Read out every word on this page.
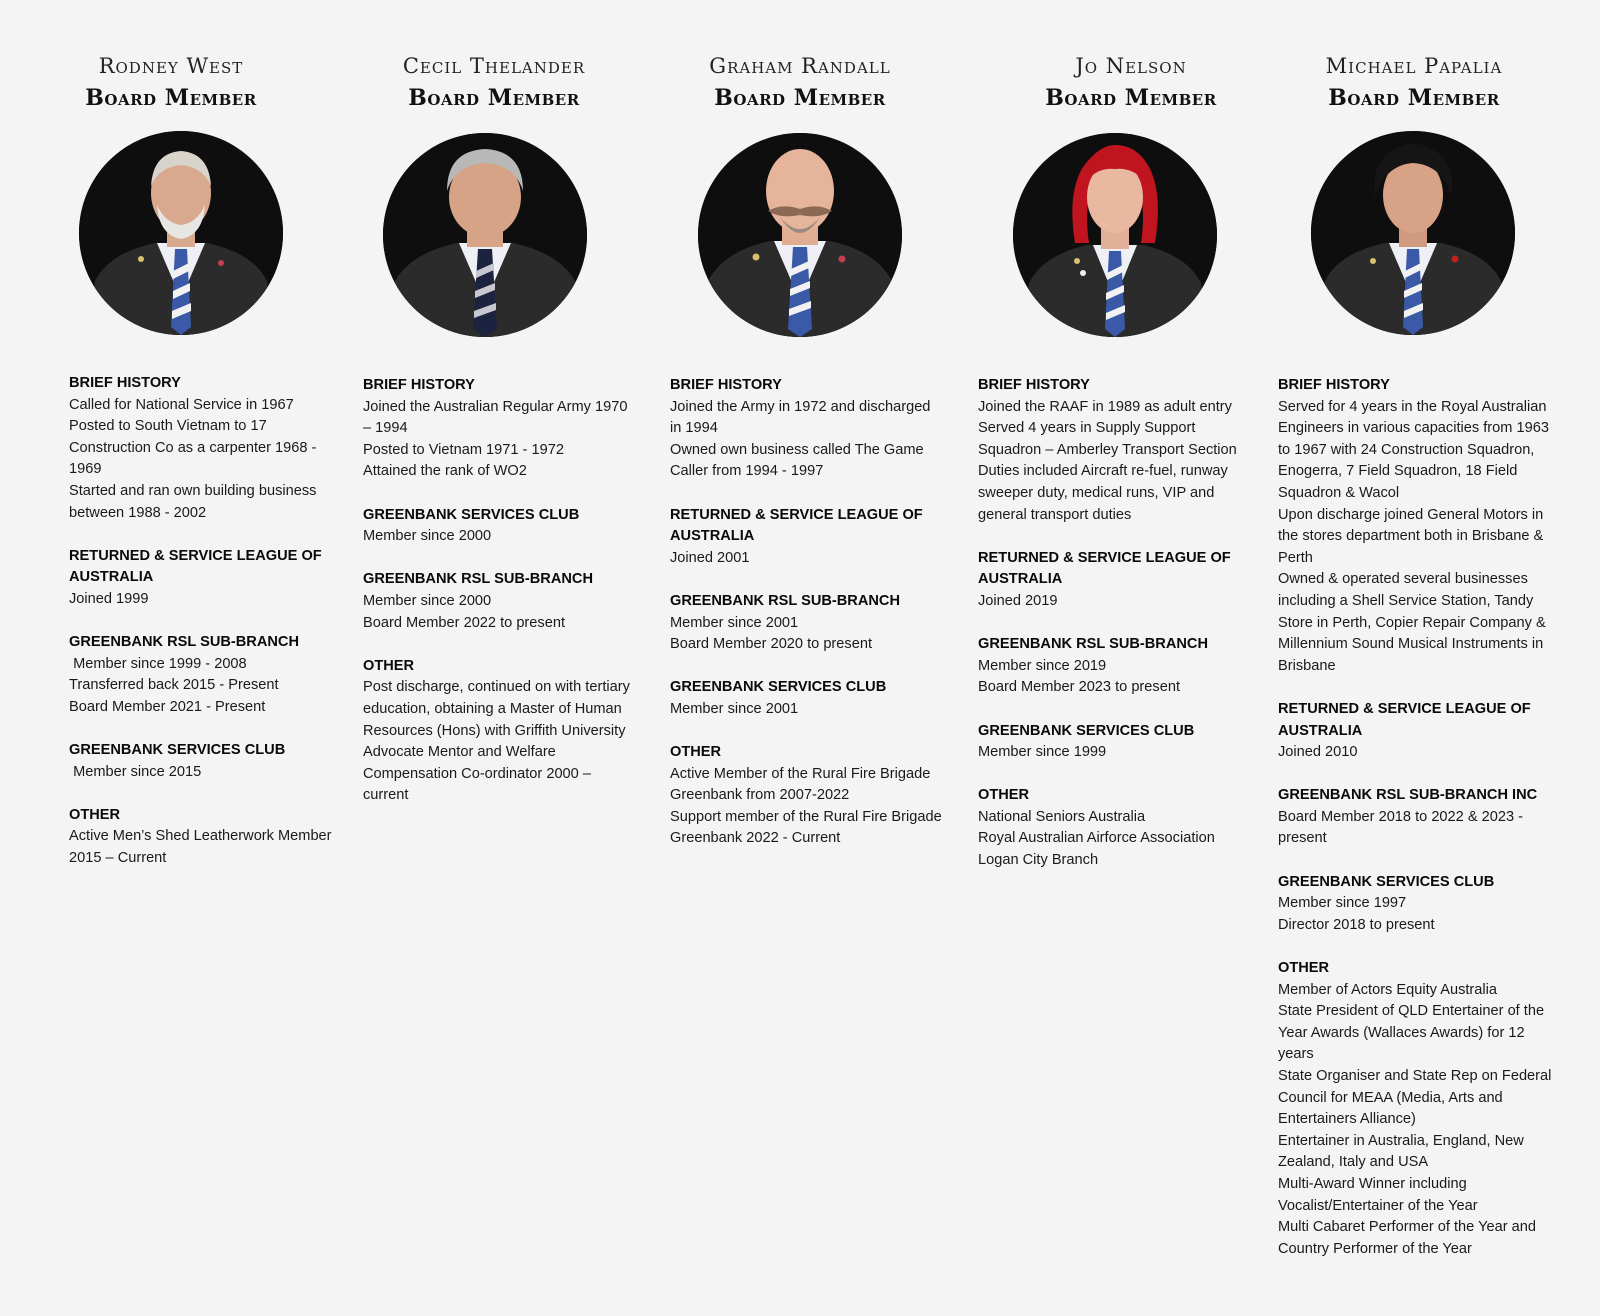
Rodney West
Board Member
BRIEF HISTORY
Called for National Service in 1967
Posted to South Vietnam to 17 Construction Co as a carpenter 1968 - 1969
Started and ran own building business between 1988 - 2002
RETURNED & SERVICE LEAGUE OF AUSTRALIA
Joined 1999
GREENBANK RSL SUB-BRANCH
Member since 1999 - 2008
Transferred back 2015 - Present
Board Member 2021 - Present
GREENBANK SERVICES CLUB
Member since 2015
OTHER
Active Men’s Shed Leatherwork Member 2015 – Current
Cecil Thelander
Board Member
BRIEF HISTORY
Joined the Australian Regular Army 1970 – 1994
Posted to Vietnam 1971 - 1972
Attained the rank of WO2
GREENBANK SERVICES CLUB
Member since 2000
GREENBANK RSL SUB-BRANCH
Member since 2000
Board Member 2022 to present
OTHER
Post discharge, continued on with tertiary education, obtaining a Master of Human Resources (Hons) with Griffith University
Advocate Mentor and Welfare Compensation Co-ordinator 2000 – current
Graham Randall
Board Member
BRIEF HISTORY
Joined the Army in 1972 and discharged in 1994
Owned own business called The Game Caller from 1994 - 1997
RETURNED & SERVICE LEAGUE OF AUSTRALIA
Joined 2001
GREENBANK RSL SUB-BRANCH
Member since 2001
Board Member 2020 to present
GREENBANK SERVICES CLUB
Member since 2001
OTHER
Active Member of the Rural Fire Brigade Greenbank from 2007-2022
Support member of the Rural Fire Brigade Greenbank 2022 - Current
Jo Nelson
Board Member
BRIEF HISTORY
Joined the RAAF in 1989 as adult entry
Served 4 years in Supply Support Squadron – Amberley Transport Section
Duties included Aircraft re-fuel, runway sweeper duty, medical runs, VIP and general transport duties
RETURNED & SERVICE LEAGUE OF AUSTRALIA
Joined 2019
GREENBANK RSL SUB-BRANCH
Member since 2019
Board Member 2023 to present
GREENBANK SERVICES CLUB
Member since 1999
OTHER
National Seniors Australia
Royal Australian Airforce Association Logan City Branch
Michael Papalia
Board Member
BRIEF HISTORY
Served for 4 years in the Royal Australian Engineers in various capacities from 1963 to 1967 with 24 Construction Squadron, Enogerra, 7 Field Squadron, 18 Field Squadron & Wacol
Upon discharge joined General Motors in the stores department both in Brisbane & Perth
Owned & operated several businesses including a Shell Service Station, Tandy Store in Perth, Copier Repair Company & Millennium Sound Musical Instruments in Brisbane
RETURNED & SERVICE LEAGUE OF AUSTRALIA
Joined 2010
GREENBANK RSL SUB-BRANCH INC
Board Member 2018 to 2022 & 2023 - present
GREENBANK SERVICES CLUB
Member since 1997
Director 2018 to present
OTHER
Member of Actors Equity Australia
State President of QLD Entertainer of the Year Awards (Wallaces Awards) for 12 years
State Organiser and State Rep on Federal Council for MEAA (Media, Arts and Entertainers Alliance)
Entertainer in Australia, England, New Zealand, Italy and USA
Multi-Award Winner including Vocalist/Entertainer of the Year
Multi Cabaret Performer of the Year and Country Performer of the Year
